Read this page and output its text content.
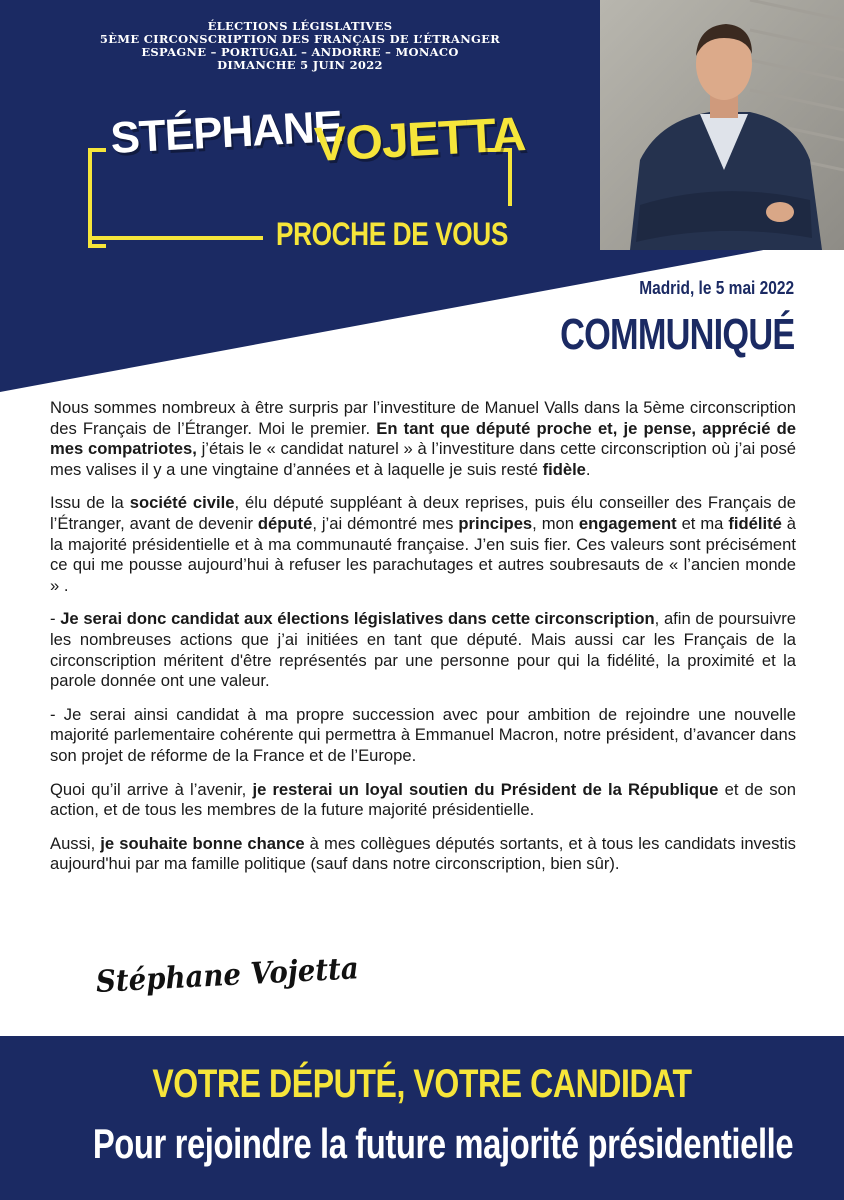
ÉLECTIONS LÉGISLATIVES
5ÈME CIRCONSCRIPTION DES FRANÇAIS DE L’ÉTRANGER
ESPAGNE – PORTUGAL – ANDORRE – MONACO
DIMANCHE 5 JUIN 2022
STÉPHANE
VOJETTA
PROCHE DE VOUS
Madrid, le 5 mai 2022
COMMUNIQUÉ

Nous sommes nombreux à être surpris par l’investiture de Manuel Valls dans la 5ème circonscription des Français de l’Étranger. Moi le premier. En tant que député proche et, je pense, apprécié de mes compatriotes, j’étais le « candidat naturel » à l’investiture dans cette circonscription où j’ai posé mes valises il y a une vingtaine d’années et à laquelle je suis resté fidèle.

Issu de la société civile, élu député suppléant à deux reprises, puis élu conseiller des Français de l’Étranger, avant de devenir député, j’ai démontré mes principes, mon engagement et ma fidélité à la majorité présidentielle et à ma communauté française. J’en suis fier. Ces valeurs sont précisément ce qui me pousse aujourd’hui à refuser les parachutages et autres soubresauts de « l’ancien monde » .

- Je serai donc candidat aux élections législatives dans cette circonscription, afin de poursuivre les nombreuses actions que j’ai initiées en tant que député. Mais aussi car les Français de la circonscription méritent d'être représentés par une personne pour qui la fidélité, la proximité et la parole donnée ont une valeur.

- Je serai ainsi candidat à ma propre succession avec pour ambition de rejoindre une nouvelle majorité parlementaire cohérente qui permettra à Emmanuel Macron, notre président, d’avancer dans son projet de réforme de la France et de l’Europe.

Quoi qu’il arrive à l’avenir, je resterai un loyal soutien du Président de la République et de son action, et de tous les membres de la future majorité présidentielle.

Aussi, je souhaite bonne chance à mes collègues députés sortants, et à tous les candidats investis aujourd'hui par ma famille politique (sauf dans notre circonscription, bien sûr).

Stéphane Vojetta
VOTRE DÉPUTÉ, VOTRE CANDIDAT
Pour rejoindre la future majorité présidentielle
